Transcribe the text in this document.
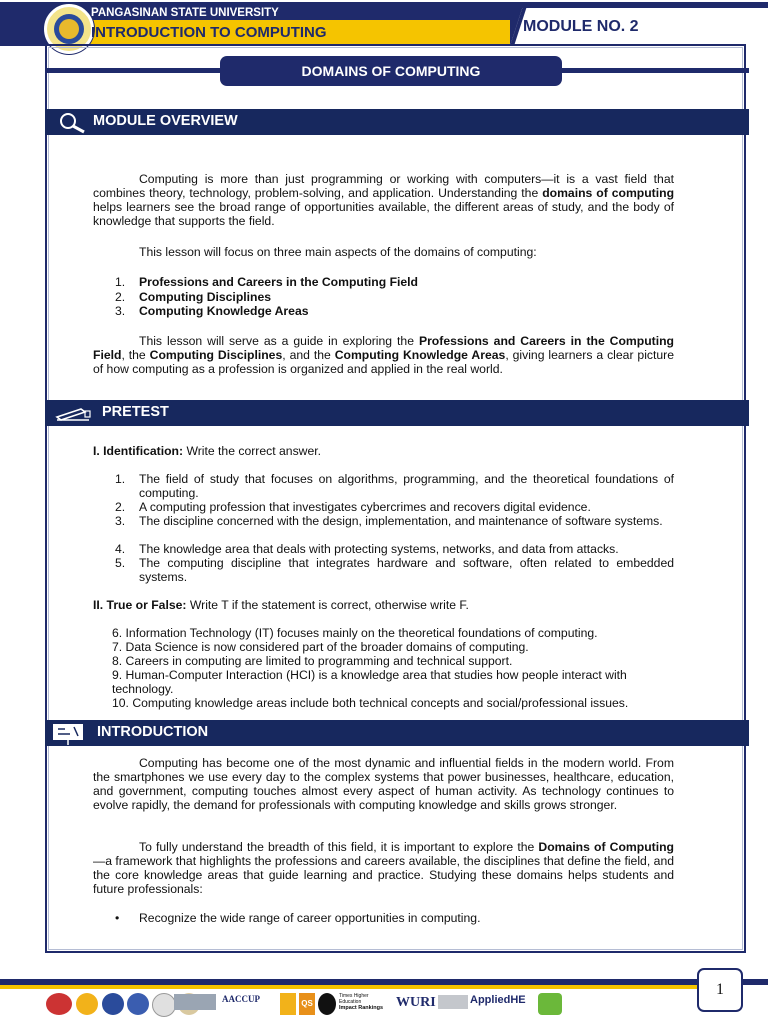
PANGASINAN STATE UNIVERSITY
INTRODUCTION TO COMPUTING	MODULE NO. 2
DOMAINS OF COMPUTING
MODULE OVERVIEW
Computing is more than just programming or working with computers—it is a vast field that combines theory, technology, problem-solving, and application. Understanding the domains of computing helps learners see the broad range of opportunities available, the different areas of study, and the body of knowledge that supports the field.
This lesson will focus on three main aspects of the domains of computing:
1. Professions and Careers in the Computing Field
2. Computing Disciplines
3. Computing Knowledge Areas
This lesson will serve as a guide in exploring the Professions and Careers in the Computing Field, the Computing Disciplines, and the Computing Knowledge Areas, giving learners a clear picture of how computing as a profession is organized and applied in the real world.
PRETEST
I. Identification: Write the correct answer.
1. The field of study that focuses on algorithms, programming, and the theoretical foundations of computing.
2. A computing profession that investigates cybercrimes and recovers digital evidence.
3. The discipline concerned with the design, implementation, and maintenance of software systems.
4. The knowledge area that deals with protecting systems, networks, and data from attacks.
5. The computing discipline that integrates hardware and software, often related to embedded systems.
II. True or False: Write T if the statement is correct, otherwise write F.
6. Information Technology (IT) focuses mainly on the theoretical foundations of computing.
7. Data Science is now considered part of the broader domains of computing.
8. Careers in computing are limited to programming and technical support.
9. Human-Computer Interaction (HCI) is a knowledge area that studies how people interact with technology.
10. Computing knowledge areas include both technical concepts and social/professional issues.
INTRODUCTION
Computing has become one of the most dynamic and influential fields in the modern world. From the smartphones we use every day to the complex systems that power businesses, healthcare, education, and government, computing touches almost every aspect of human activity. As technology continues to evolve rapidly, the demand for professionals with computing knowledge and skills grows stronger.
To fully understand the breadth of this field, it is important to explore the Domains of Computing—a framework that highlights the professions and careers available, the disciplines that define the field, and the core knowledge areas that guide learning and practice. Studying these domains helps students and future professionals:
• Recognize the wide range of career opportunities in computing.
1
AACCUP	QS
Times Higher Education
Impact Rankings WURI	AppliedHE
